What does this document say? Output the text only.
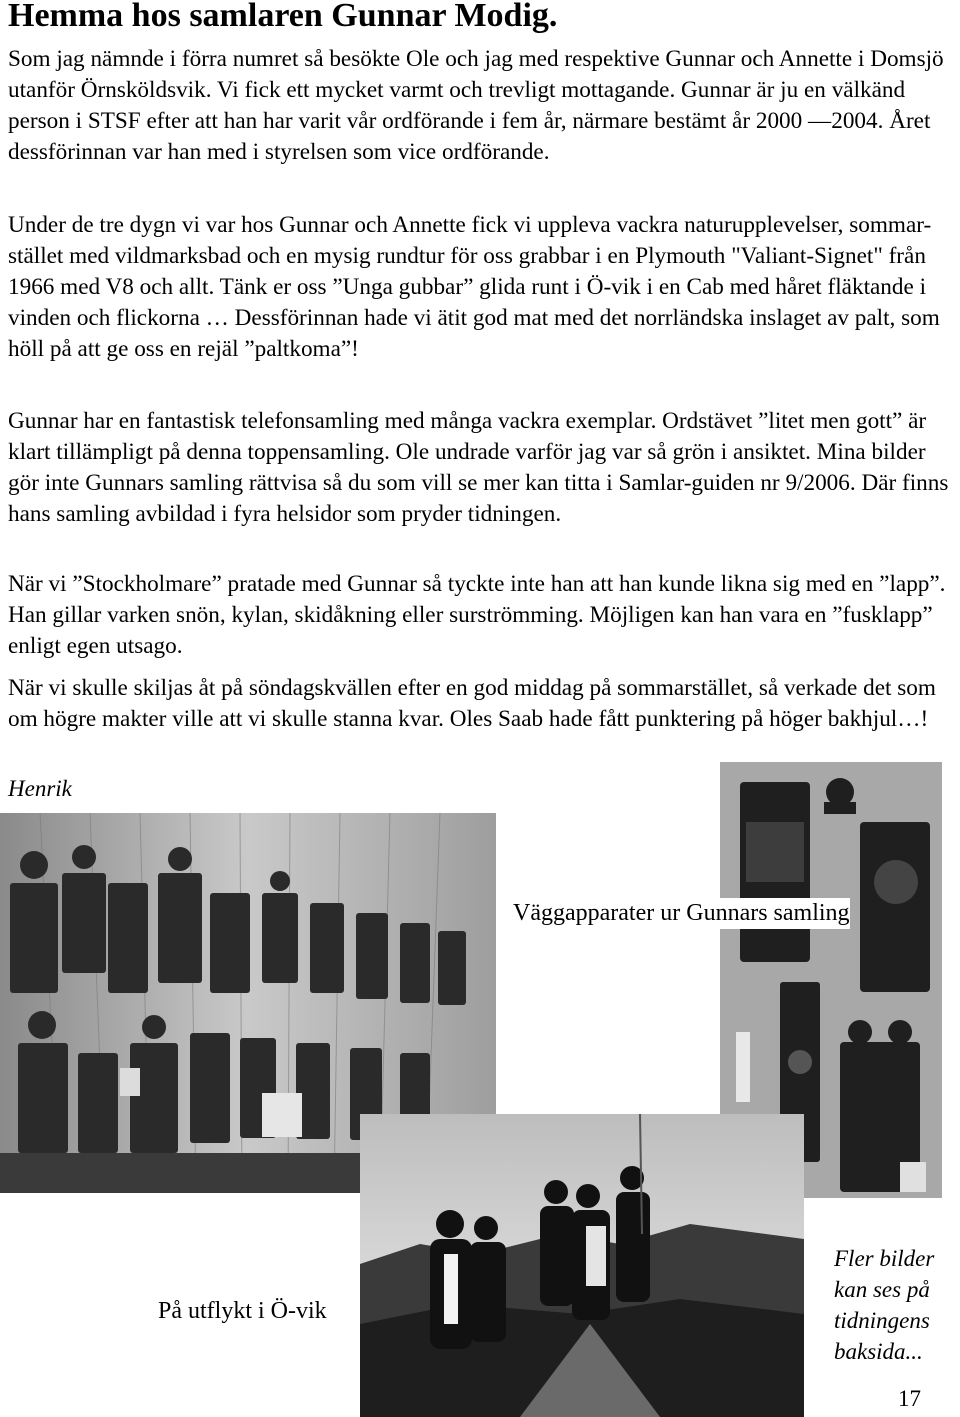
Hemma hos samlaren Gunnar Modig.

Som jag nämnde i förra numret så besökte Ole och jag med respektive Gunnar och Annette i Domsjö utanför Örnsköldsvik. Vi fick ett mycket varmt och trevligt mottagande. Gunnar är ju en välkänd person i STSF efter att han har varit vår ordförande i fem år, närmare bestämt år 2000 —2004. Året dessförinnan var han med i styrelsen som vice ordförande.

Under de tre dygn vi var hos Gunnar och Annette fick vi uppleva vackra naturupplevelser, sommar-stället med vildmarksbad och en mysig rundtur för oss grabbar i en Plymouth "Valiant-Signet" från 1966 med V8 och allt. Tänk er oss ”Unga gubbar” glida runt i Ö-vik i en Cab med håret fläktande i vinden och flickorna … Dessförinnan hade vi ätit god mat med det norrländska inslaget av palt, som höll på att ge oss en rejäl ”paltkoma”!

Gunnar har en fantastisk telefonsamling med många vackra exemplar. Ordstävet ”litet men gott” är klart tillämpligt på denna toppensamling. Ole undrade varför jag var så grön i ansiktet. Mina bilder gör inte Gunnars samling rättvisa så du som vill se mer kan titta i Samlar-guiden nr 9/2006. Där finns hans samling avbildad i fyra helsidor som pryder tidningen.

När vi ”Stockholmare” pratade med Gunnar så tyckte inte han att han kunde likna sig med en ”lapp”. Han gillar varken snön, kylan, skidåkning eller surströmming. Möjligen kan han vara en ”fusklapp” enligt egen utsago.

När vi skulle skiljas åt på söndagskvällen efter en god middag på sommarstället, så verkade det som om högre makter ville att vi skulle stanna kvar. Oles Saab hade fått punktering på höger bakhjul…!

Henrik
Väggapparater ur Gunnars samling
På utflykt i Ö-vik
Fler bilder kan ses på tidningens baksida...
17
